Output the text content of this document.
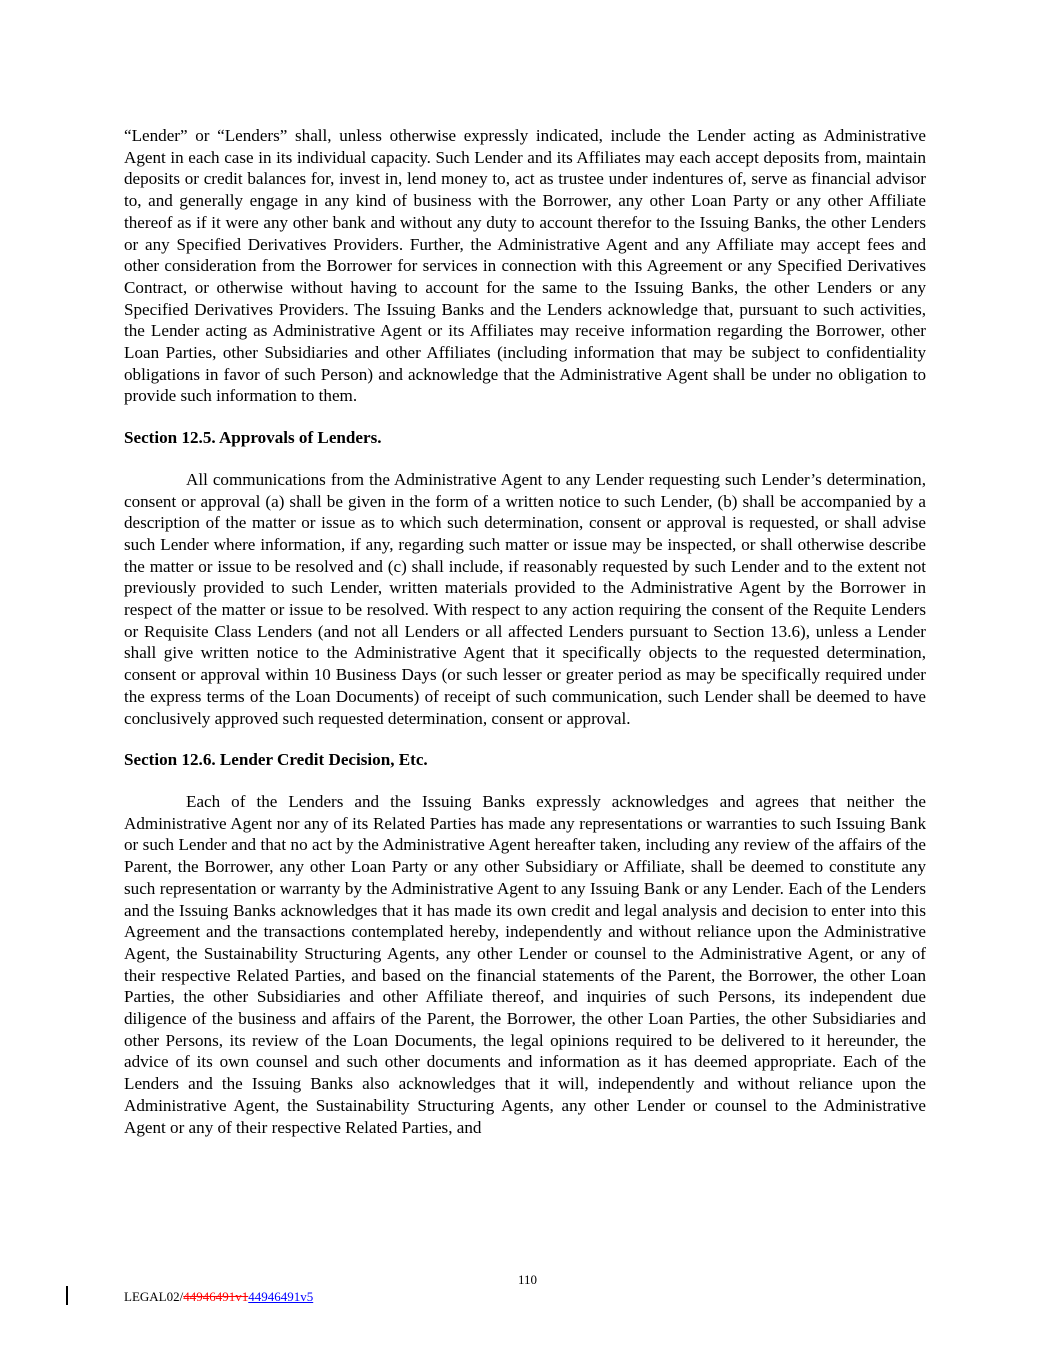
“Lender” or “Lenders” shall, unless otherwise expressly indicated, include the Lender acting as Administrative Agent in each case in its individual capacity. Such Lender and its Affiliates may each accept deposits from, maintain deposits or credit balances for, invest in, lend money to, act as trustee under indentures of, serve as financial advisor to, and generally engage in any kind of business with the Borrower, any other Loan Party or any other Affiliate thereof as if it were any other bank and without any duty to account therefor to the Issuing Banks, the other Lenders or any Specified Derivatives Providers. Further, the Administrative Agent and any Affiliate may accept fees and other consideration from the Borrower for services in connection with this Agreement or any Specified Derivatives Contract, or otherwise without having to account for the same to the Issuing Banks, the other Lenders or any Specified Derivatives Providers. The Issuing Banks and the Lenders acknowledge that, pursuant to such activities, the Lender acting as Administrative Agent or its Affiliates may receive information regarding the Borrower, other Loan Parties, other Subsidiaries and other Affiliates (including information that may be subject to confidentiality obligations in favor of such Person) and acknowledge that the Administrative Agent shall be under no obligation to provide such information to them.

Section 12.5. Approvals of Lenders.

All communications from the Administrative Agent to any Lender requesting such Lender’s determination, consent or approval (a) shall be given in the form of a written notice to such Lender, (b) shall be accompanied by a description of the matter or issue as to which such determination, consent or approval is requested, or shall advise such Lender where information, if any, regarding such matter or issue may be inspected, or shall otherwise describe the matter or issue to be resolved and (c) shall include, if reasonably requested by such Lender and to the extent not previously provided to such Lender, written materials provided to the Administrative Agent by the Borrower in respect of the matter or issue to be resolved. With respect to any action requiring the consent of the Requite Lenders or Requisite Class Lenders (and not all Lenders or all affected Lenders pursuant to Section 13.6), unless a Lender shall give written notice to the Administrative Agent that it specifically objects to the requested determination, consent or approval within 10 Business Days (or such lesser or greater period as may be specifically required under the express terms of the Loan Documents) of receipt of such communication, such Lender shall be deemed to have conclusively approved such requested determination, consent or approval.

Section 12.6. Lender Credit Decision, Etc.

Each of the Lenders and the Issuing Banks expressly acknowledges and agrees that neither the Administrative Agent nor any of its Related Parties has made any representations or warranties to such Issuing Bank or such Lender and that no act by the Administrative Agent hereafter taken, including any review of the affairs of the Parent, the Borrower, any other Loan Party or any other Subsidiary or Affiliate, shall be deemed to constitute any such representation or warranty by the Administrative Agent to any Issuing Bank or any Lender. Each of the Lenders and the Issuing Banks acknowledges that it has made its own credit and legal analysis and decision to enter into this Agreement and the transactions contemplated hereby, independently and without reliance upon the Administrative Agent, the Sustainability Structuring Agents, any other Lender or counsel to the Administrative Agent, or any of their respective Related Parties, and based on the financial statements of the Parent, the Borrower, the other Loan Parties, the other Subsidiaries and other Affiliate thereof, and inquiries of such Persons, its independent due diligence of the business and affairs of the Parent, the Borrower, the other Loan Parties, the other Subsidiaries and other Persons, its review of the Loan Documents, the legal opinions required to be delivered to it hereunder, the advice of its own counsel and such other documents and information as it has deemed appropriate. Each of the Lenders and the Issuing Banks also acknowledges that it will, independently and without reliance upon the Administrative Agent, the Sustainability Structuring Agents, any other Lender or counsel to the Administrative Agent or any of their respective Related Parties, and

110
LEGAL02/44946491v144946491v5
